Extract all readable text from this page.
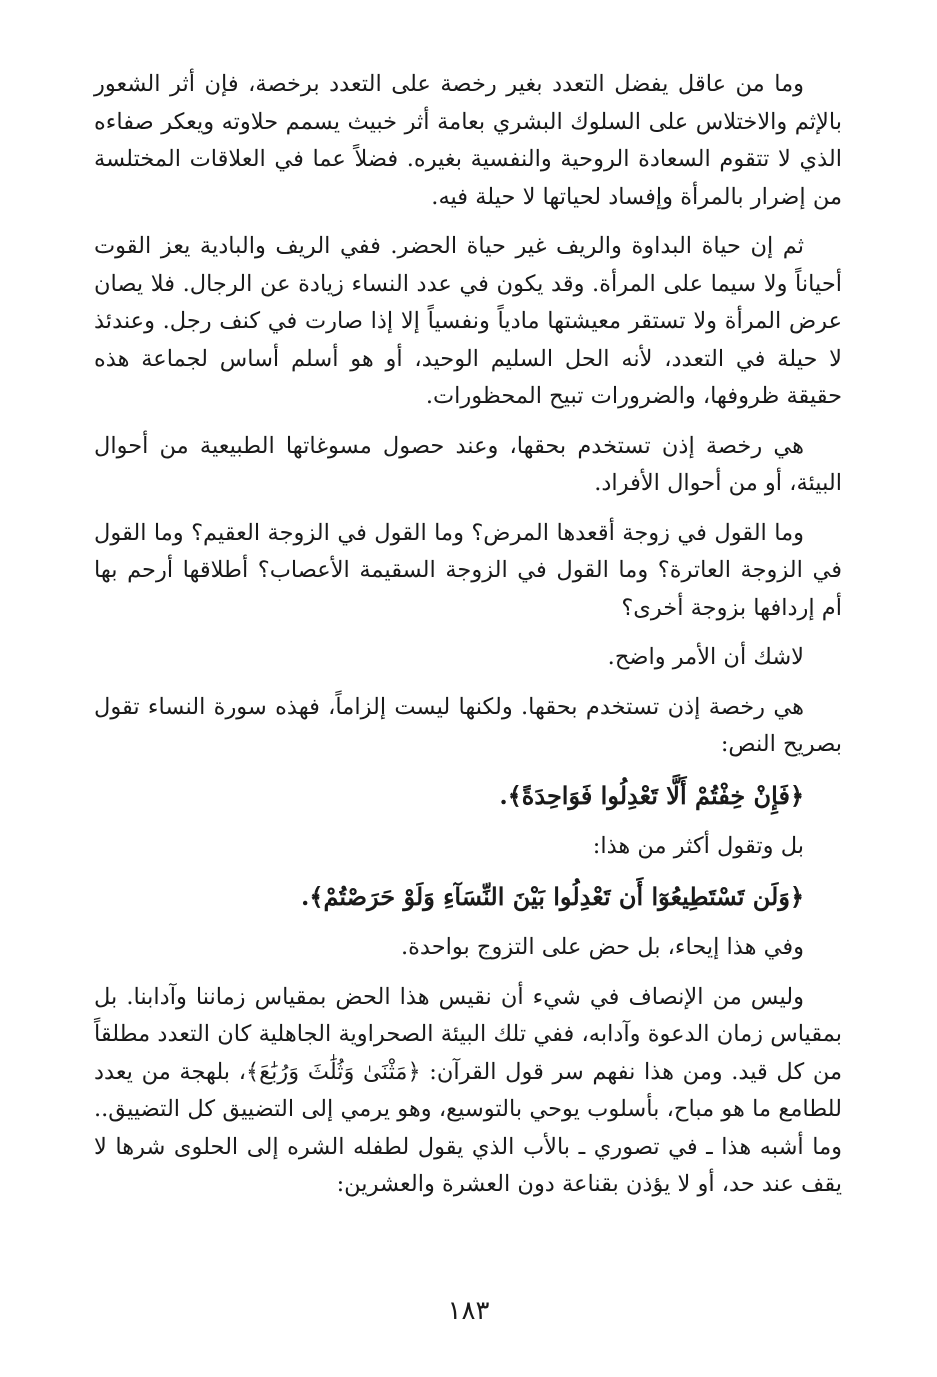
وما من عاقل يفضل التعدد بغير رخصة على التعدد برخصة، فإن أثر الشعور بالإثم والاختلاس على السلوك البشري بعامة أثر خبيث يسمم حلاوته ويعكر صفاءه الذي لا تتقوم السعادة الروحية والنفسية بغيره. فضلاً عما في العلاقات المختلسة من إضرار بالمرأة وإفساد لحياتها لا حيلة فيه.

ثم إن حياة البداوة والريف غير حياة الحضر. ففي الريف والبادية يعز القوت أحياناً ولا سيما على المرأة. وقد يكون في عدد النساء زيادة عن الرجال. فلا يصان عرض المرأة ولا تستقر معيشتها مادياً ونفسياً إلا إذا صارت في كنف رجل. وعندئذ لا حيلة في التعدد، لأنه الحل السليم الوحيد، أو هو أسلم أساس لجماعة هذه حقيقة ظروفها، والضرورات تبيح المحظورات.

هي رخصة إذن تستخدم بحقها، وعند حصول مسوغاتها الطبيعية من أحوال البيئة، أو من أحوال الأفراد.

وما القول في زوجة أقعدها المرض؟ وما القول في الزوجة العقيم؟ وما القول في الزوجة العاترة؟ وما القول في الزوجة السقيمة الأعصاب؟ أطلاقها أرحم بها أم إردافها بزوجة أخرى؟

لاشك أن الأمر واضح.

هي رخصة إذن تستخدم بحقها. ولكنها ليست إلزاماً، فهذه سورة النساء تقول بصريح النص:

﴿فَإِنْ خِفْتُمْ أَلَّا تَعْدِلُوا فَوَاحِدَةً﴾.

بل وتقول أكثر من هذا:

﴿وَلَن تَسْتَطِيعُوٓا أَن تَعْدِلُوا بَيْنَ النِّسَآءِ وَلَوْ حَرَصْتُمْ﴾.

وفي هذا إيحاء، بل حض على التزوج بواحدة.

وليس من الإنصاف في شيء أن نقيس هذا الحض بمقياس زماننا وآدابنا. بل بمقياس زمان الدعوة وآدابه، ففي تلك البيئة الصحراوية الجاهلية كان التعدد مطلقاً من كل قيد. ومن هذا نفهم سر قول القرآن: ﴿مَثْنَىٰ وَثُلَٰثَ وَرُبَٰعَ﴾، بلهجة من يعدد للطامع ما هو مباح، بأسلوب يوحي بالتوسيع، وهو يرمي إلى التضييق كل التضييق.. وما أشبه هذا ـ في تصوري ـ بالأب الذي يقول لطفله الشره إلى الحلوى شرها لا يقف عند حد، أو لا يؤذن بقناعة دون العشرة والعشرين:

١٨٣
